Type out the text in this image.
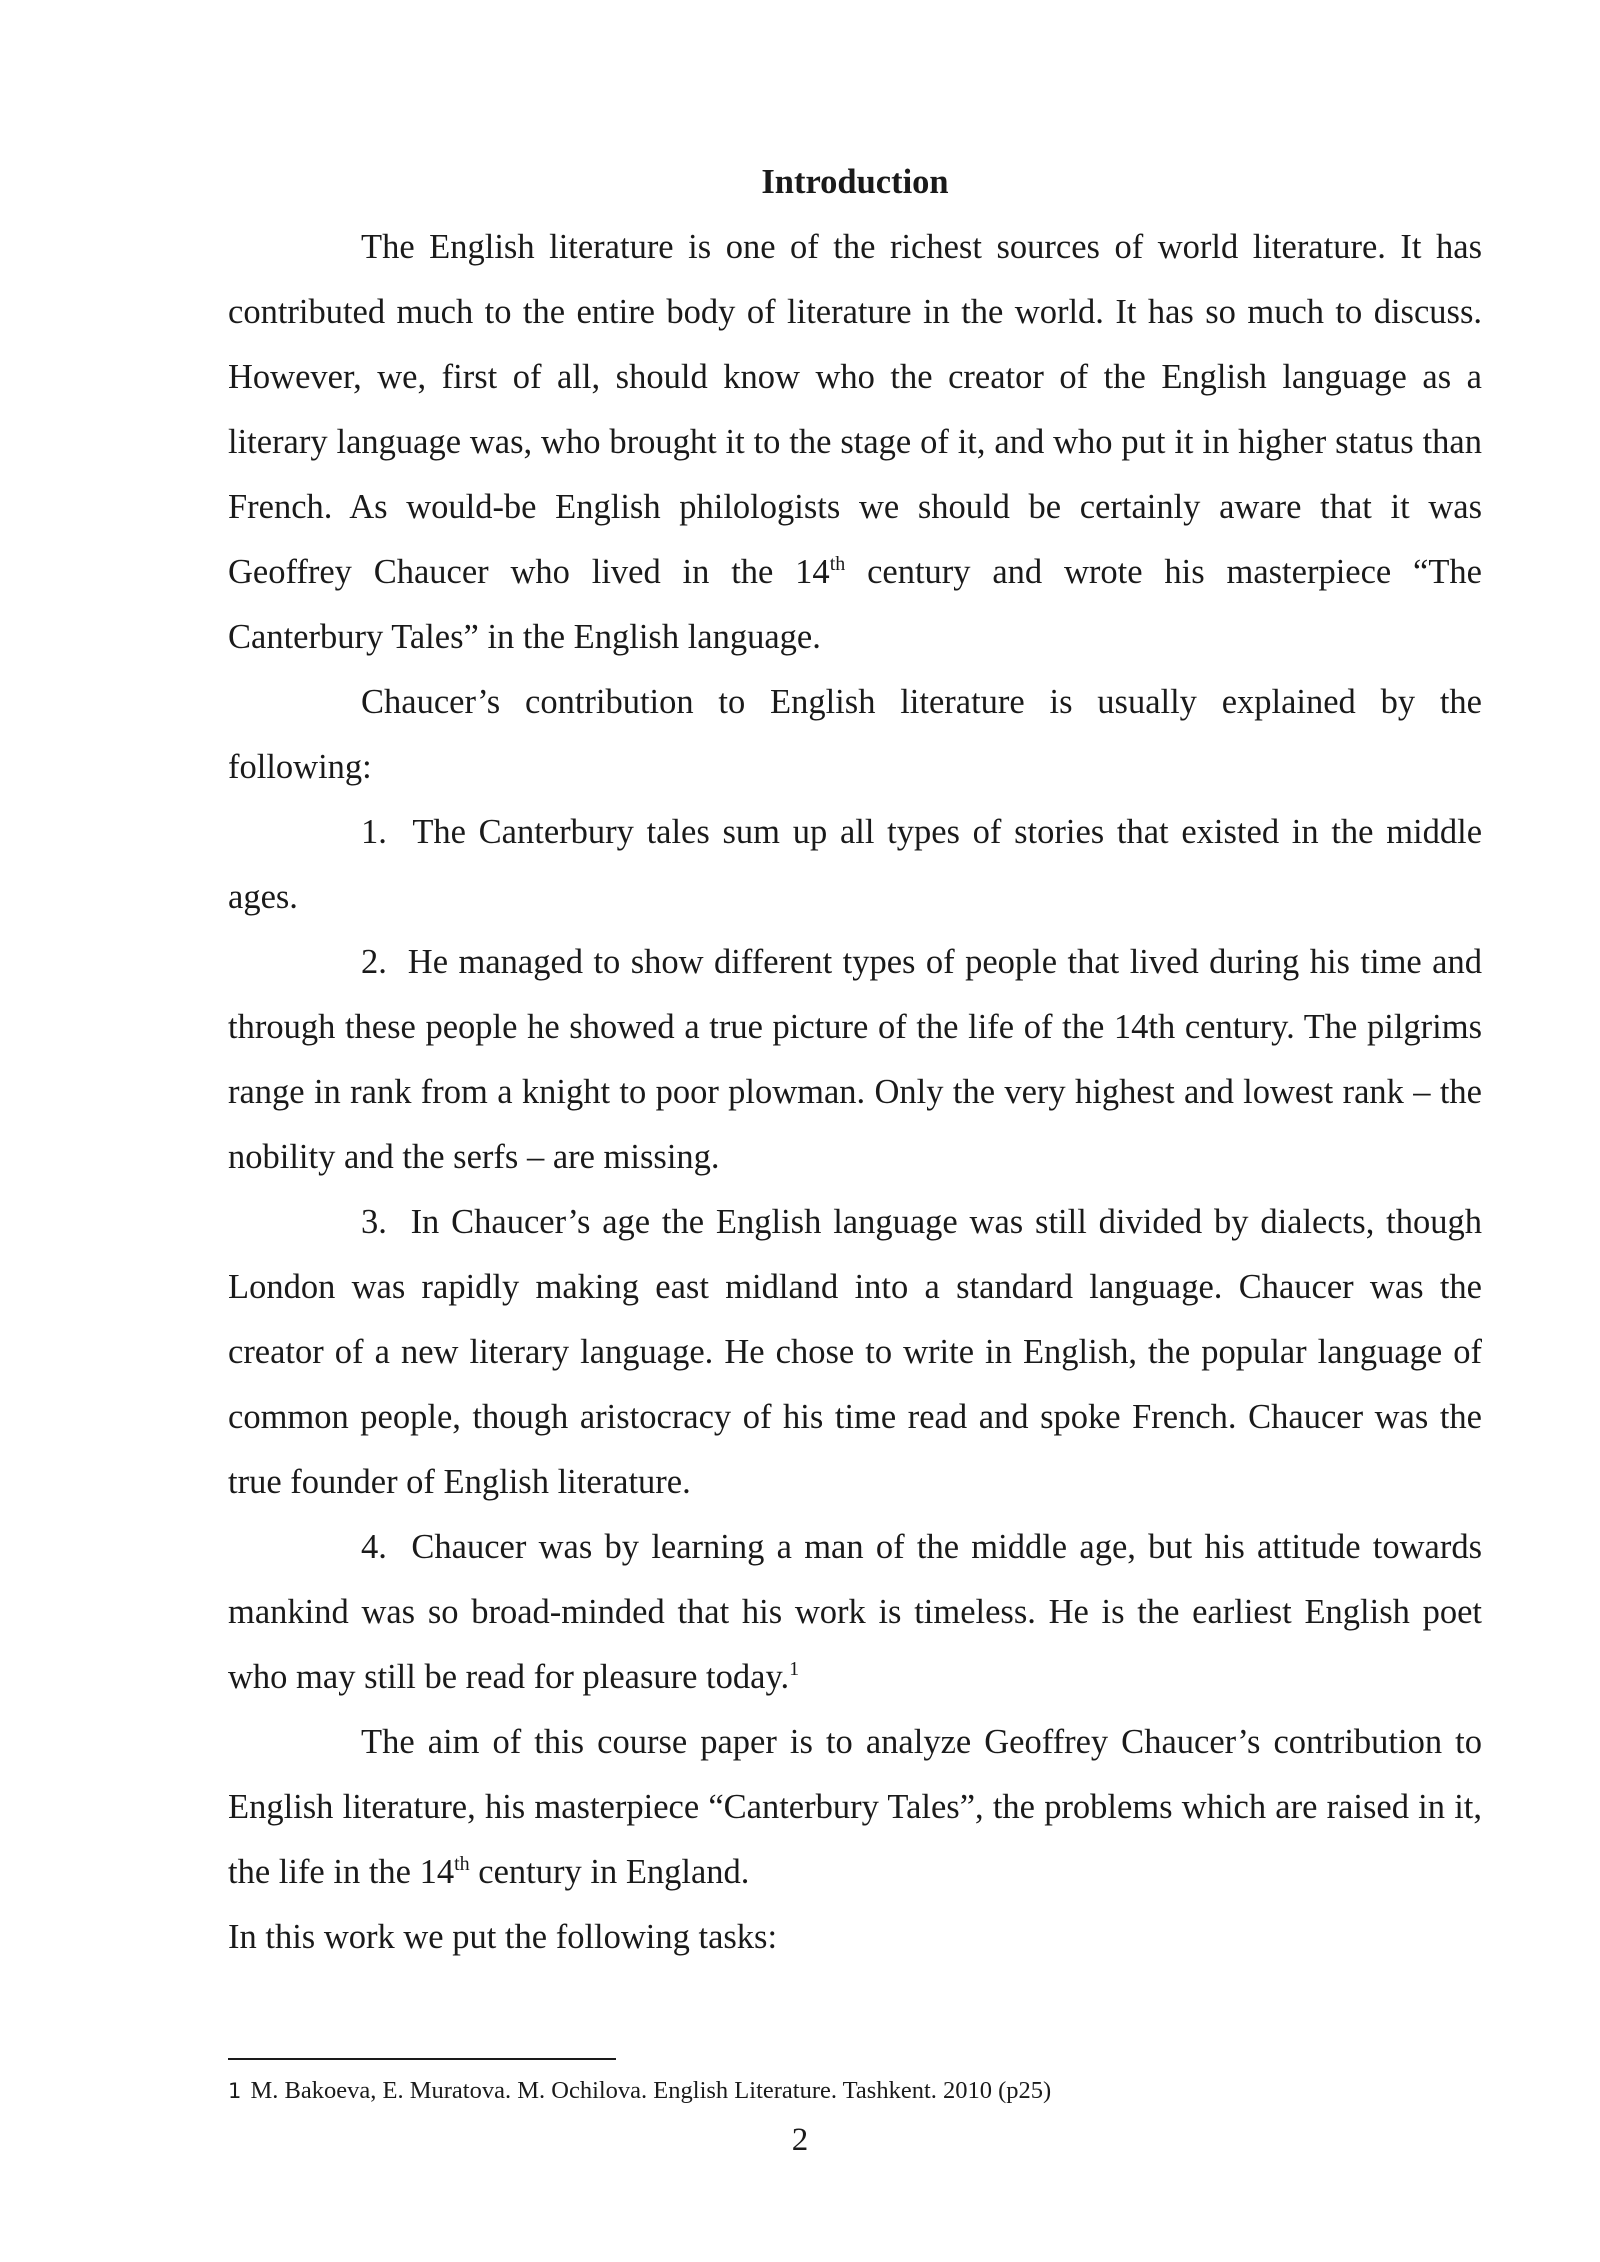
Introduction

The English literature is one of the richest sources of world literature. It has contributed much to the entire body of literature in the world. It has so much to discuss. However, we, first of all, should know who the creator of the English language as a literary language was, who brought it to the stage of it, and who put it in higher status than French. As would-be English philologists we should be certainly aware that it was Geoffrey Chaucer who lived in the 14th century and wrote his masterpiece “The Canterbury Tales” in the English language.

Chaucer’s contribution to English literature is usually explained by the following:

1. The Canterbury tales sum up all types of stories that existed in the middle ages.

2. He managed to show different types of people that lived during his time and through these people he showed a true picture of the life of the 14th century. The pilgrims range in rank from a knight to poor plowman. Only the very highest and lowest rank – the nobility and the serfs – are missing.

3. In Chaucer’s age the English language was still divided by dialects, though London was rapidly making east midland into a standard language. Chaucer was the creator of a new literary language. He chose to write in English, the popular language of common people, though aristocracy of his time read and spoke French. Chaucer was the true founder of English literature.

4. Chaucer was by learning a man of the middle age, but his attitude towards mankind was so broad-minded that his work is timeless. He is the earliest English poet who may still be read for pleasure today.$^1$

The aim of this course paper is to analyze Geoffrey Chaucer’s contribution to English literature, his masterpiece “Canterbury Tales”, the problems which are raised in it, the life in the 14th century in England.

In this work we put the following tasks:

1 M. Bakoeva, E. Muratova. M. Ochilova. English Literature. Tashkent. 2010 (p25)
2
